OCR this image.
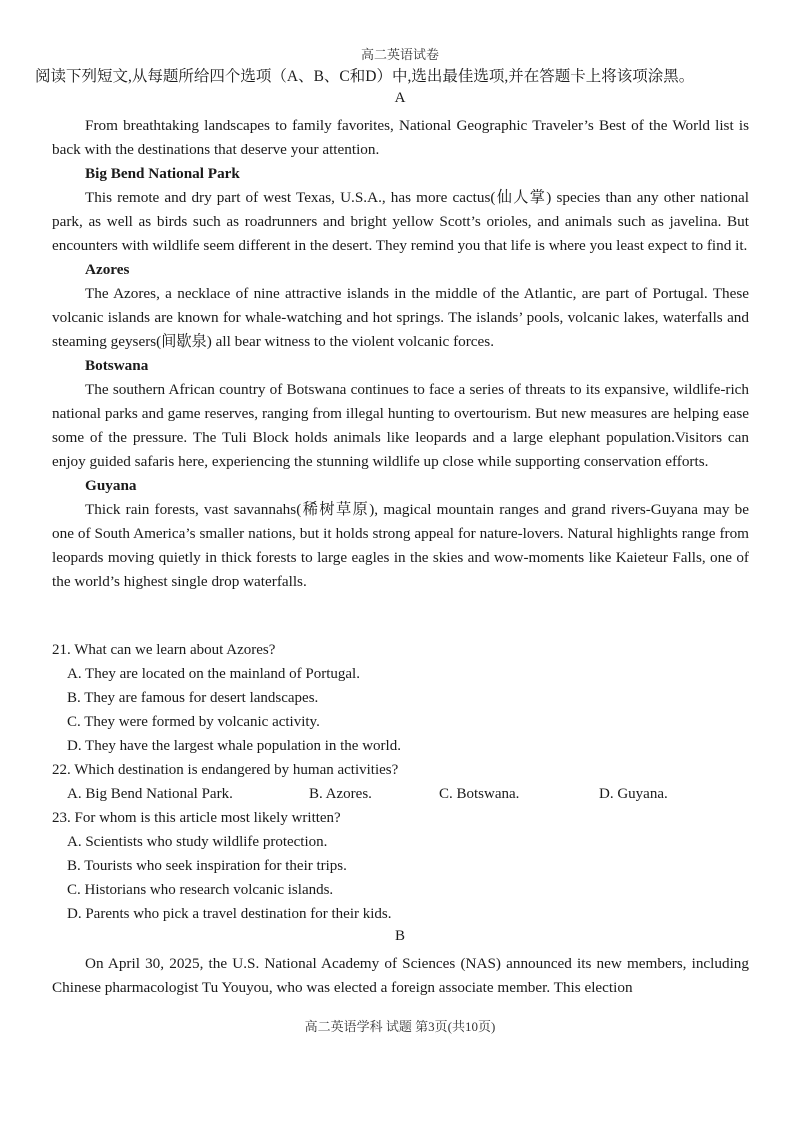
高二英语试卷
阅读下列短文,从每题所给四个选项（A、B、C和D）中,选出最佳选项,并在答题卡上将该项涂黑。
A

From breathtaking landscapes to family favorites, National Geographic Traveler’s Best of the World list is back with the destinations that deserve your attention.

Big Bend National Park

This remote and dry part of west Texas, U.S.A., has more cactus(仙人掌) species than any other national park, as well as birds such as roadrunners and bright yellow Scott’s orioles, and animals such as javelina. But encounters with wildlife seem different in the desert. They remind you that life is where you least expect to find it.

Azores

The Azores, a necklace of nine attractive islands in the middle of the Atlantic, are part of Portugal. These volcanic islands are known for whale-watching and hot springs. The islands’ pools, volcanic lakes, waterfalls and steaming geysers(间歇泉) all bear witness to the violent volcanic forces.

Botswana

The southern African country of Botswana continues to face a series of threats to its expansive, wildlife-rich national parks and game reserves, ranging from illegal hunting to overtourism. But new measures are helping ease some of the pressure. The Tuli Block holds animals like leopards and a large elephant population.Visitors can enjoy guided safaris here, experiencing the stunning wildlife up close while supporting conservation efforts.

Guyana

Thick rain forests, vast savannahs(稀树草原), magical mountain ranges and grand rivers-Guyana may be one of South America’s smaller nations, but it holds strong appeal for nature-lovers. Natural highlights range from leopards moving quietly in thick forests to large eagles in the skies and wow-moments like Kaieteur Falls, one of the world’s highest single drop waterfalls.

21. What can we learn about Azores?

A. They are located on the mainland of Portugal.

B. They are famous for desert landscapes.

C. They were formed by volcanic activity.

D. They have the largest whale population in the world.

22. Which destination is endangered by human activities?

A. Big Bend National Park.	B. Azores.	C. Botswana.	D. Guyana.

23. For whom is this article most likely written?

A. Scientists who study wildlife protection.

B. Tourists who seek inspiration for their trips.

C. Historians who research volcanic islands.

D. Parents who pick a travel destination for their kids.

B

On April 30, 2025, the U.S. National Academy of Sciences (NAS) announced its new members, including Chinese pharmacologist Tu Youyou, who was elected a foreign associate member. This election

高二英语学科 试题 第3页(共10页)
